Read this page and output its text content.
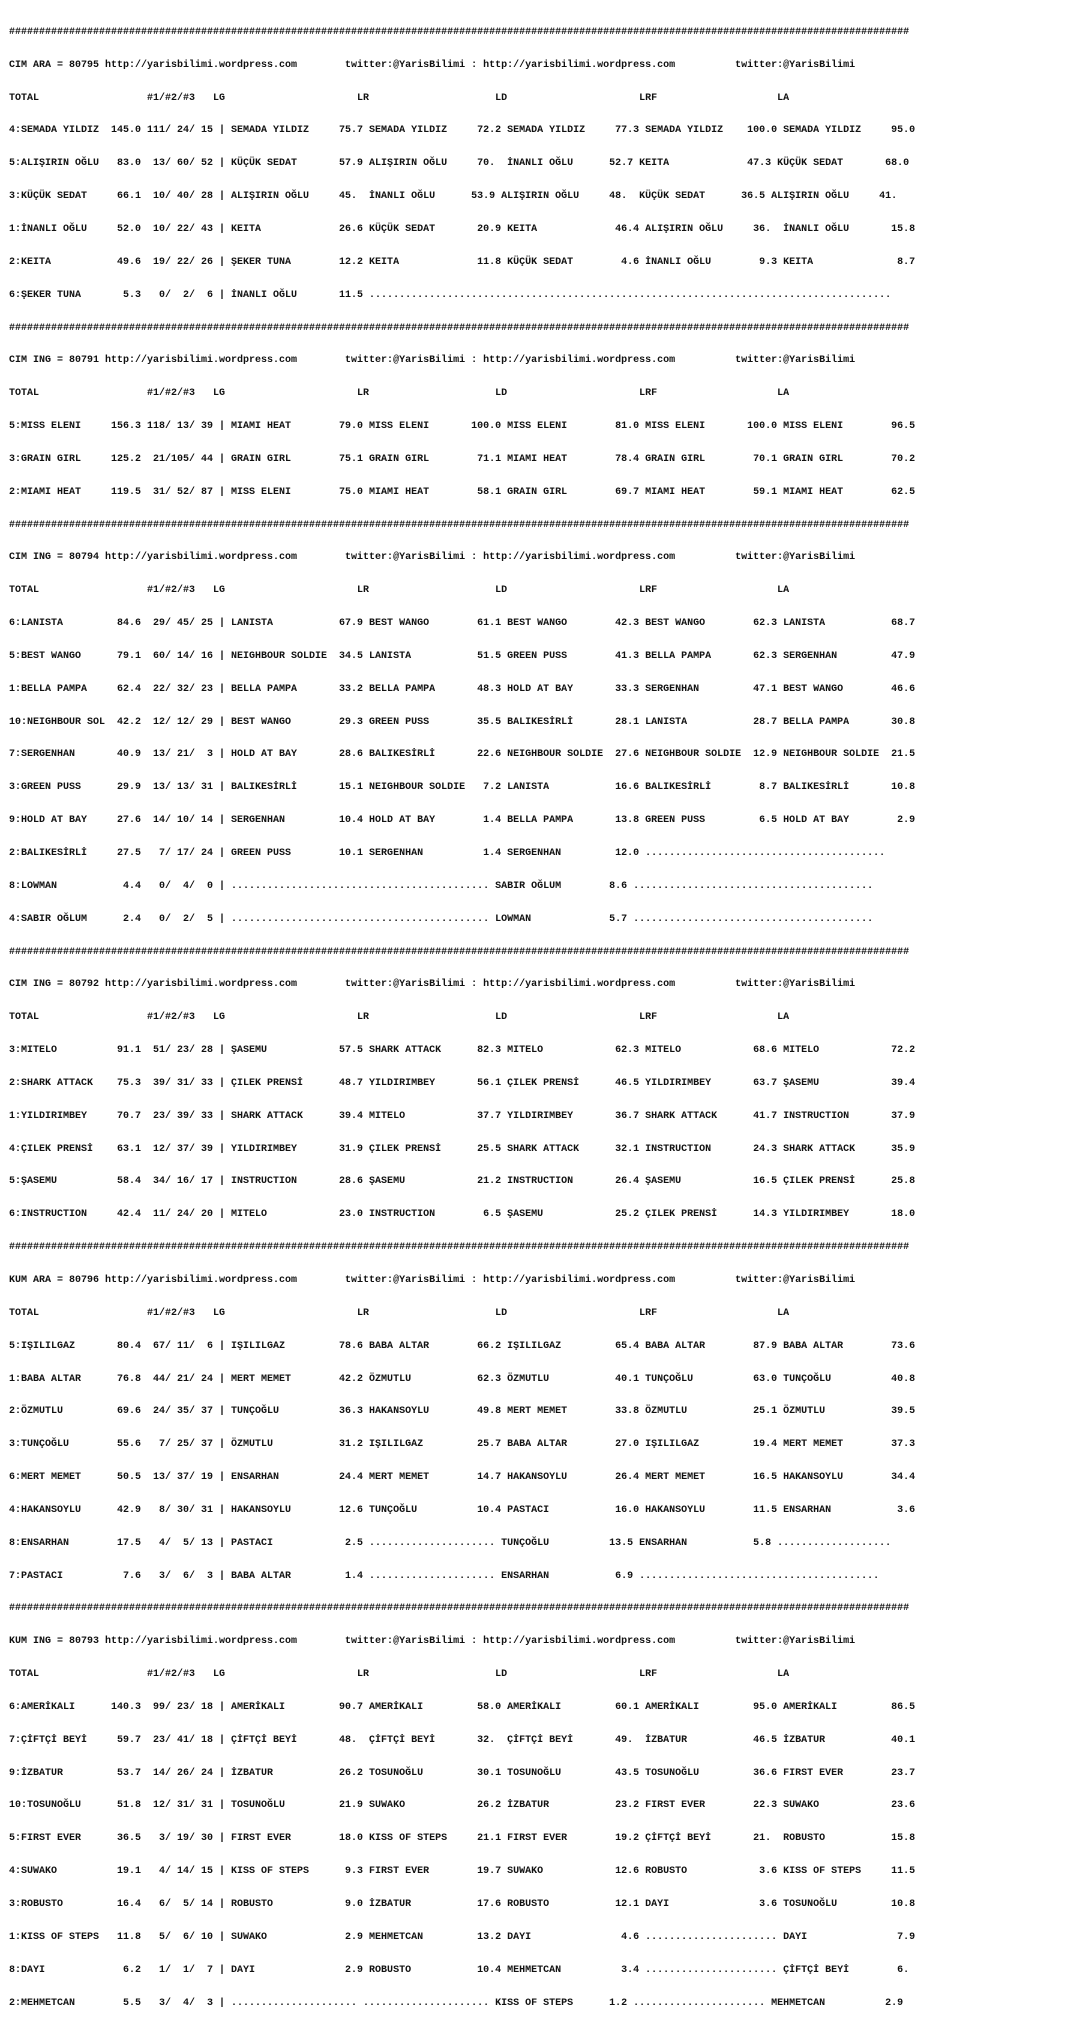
######################################################################################################################################################

CIM ARA = 80795 http://yarisbilimi.wordpress.com        twitter:@YarisBilimi : http://yarisbilimi.wordpress.com          twitter:@YarisBilimi

TOTAL                  #1/#2/#3   LG                      LR                     LD                      LRF                    LA

4:SEMADA YILDIZ  145.0 111/ 24/ 15 | SEMADA YILDIZ     75.7 SEMADA YILDIZ     72.2 SEMADA YILDIZ     77.3 SEMADA YILDIZ    100.0 SEMADA YILDIZ     95.0

5:ALIŞIRIN OĞLU   83.0  13/ 60/ 52 | KÜÇÜK SEDAT       57.9 ALIŞIRIN OĞLU     70.  İNANLI OĞLU      52.7 KEITA             47.3 KÜÇÜK SEDAT       68.0

3:KÜÇÜK SEDAT     66.1  10/ 40/ 28 | ALIŞIRIN OĞLU     45.  İNANLI OĞLU      53.9 ALIŞIRIN OĞLU     48.  KÜÇÜK SEDAT      36.5 ALIŞIRIN OĞLU     41.

1:İNANLI OĞLU     52.0  10/ 22/ 43 | KEITA             26.6 KÜÇÜK SEDAT       20.9 KEITA             46.4 ALIŞIRIN OĞLU     36.  İNANLI OĞLU       15.8

2:KEITA           49.6  19/ 22/ 26 | ŞEKER TUNA        12.2 KEITA             11.8 KÜÇÜK SEDAT        4.6 İNANLI OĞLU        9.3 KEITA              8.7

6:ŞEKER TUNA       5.3   0/  2/  6 | İNANLI OĞLU       11.5 .......................................................................................

######################################################################################################################################################

CIM ING = 80791 http://yarisbilimi.wordpress.com        twitter:@YarisBilimi : http://yarisbilimi.wordpress.com          twitter:@YarisBilimi

TOTAL                  #1/#2/#3   LG                      LR                     LD                      LRF                    LA

5:MISS ELENI     156.3 118/ 13/ 39 | MIAMI HEAT        79.0 MISS ELENI       100.0 MISS ELENI        81.0 MISS ELENI       100.0 MISS ELENI        96.5

3:GRAIN GIRL     125.2  21/105/ 44 | GRAIN GIRL        75.1 GRAIN GIRL        71.1 MIAMI HEAT        78.4 GRAIN GIRL        70.1 GRAIN GIRL        70.2

2:MIAMI HEAT     119.5  31/ 52/ 87 | MISS ELENI        75.0 MIAMI HEAT        58.1 GRAIN GIRL        69.7 MIAMI HEAT        59.1 MIAMI HEAT        62.5

######################################################################################################################################################

CIM ING = 80794 http://yarisbilimi.wordpress.com        twitter:@YarisBilimi : http://yarisbilimi.wordpress.com          twitter:@YarisBilimi

TOTAL                  #1/#2/#3   LG                      LR                     LD                      LRF                    LA

6:LANISTA         84.6  29/ 45/ 25 | LANISTA           67.9 BEST WANGO        61.1 BEST WANGO        42.3 BEST WANGO        62.3 LANISTA           68.7

5:BEST WANGO      79.1  60/ 14/ 16 | NEIGHBOUR SOLDIE  34.5 LANISTA           51.5 GREEN PUSS        41.3 BELLA PAMPA       62.3 SERGENHAN         47.9

1:BELLA PAMPA     62.4  22/ 32/ 23 | BELLA PAMPA       33.2 BELLA PAMPA       48.3 HOLD AT BAY       33.3 SERGENHAN         47.1 BEST WANGO        46.6

10:NEIGHBOUR SOL  42.2  12/ 12/ 29 | BEST WANGO        29.3 GREEN PUSS        35.5 BALIKESİRLİ       28.1 LANISTA           28.7 BELLA PAMPA       30.8

7:SERGENHAN       40.9  13/ 21/  3 | HOLD AT BAY       28.6 BALIKESİRLİ       22.6 NEIGHBOUR SOLDIE  27.6 NEIGHBOUR SOLDIE  12.9 NEIGHBOUR SOLDIE  21.5

3:GREEN PUSS      29.9  13/ 13/ 31 | BALIKESİRLİ       15.1 NEIGHBOUR SOLDIE   7.2 LANISTA           16.6 BALIKESİRLİ        8.7 BALIKESİRLİ       10.8

9:HOLD AT BAY     27.6  14/ 10/ 14 | SERGENHAN         10.4 HOLD AT BAY        1.4 BELLA PAMPA       13.8 GREEN PUSS         6.5 HOLD AT BAY        2.9

2:BALIKESİRLİ     27.5   7/ 17/ 24 | GREEN PUSS        10.1 SERGENHAN          1.4 SERGENHAN         12.0 ........................................

8:LOWMAN           4.4   0/  4/  0 | ........................................... SABIR OĞLUM        8.6 ........................................

4:SABIR OĞLUM      2.4   0/  2/  5 | ........................................... LOWMAN             5.7 ........................................

######################################################################################################################################################

CIM ING = 80792 http://yarisbilimi.wordpress.com        twitter:@YarisBilimi : http://yarisbilimi.wordpress.com          twitter:@YarisBilimi

TOTAL                  #1/#2/#3   LG                      LR                     LD                      LRF                    LA

3:MITELO          91.1  51/ 23/ 28 | ŞASEMU            57.5 SHARK ATTACK      82.3 MITELO            62.3 MITELO            68.6 MITELO            72.2

2:SHARK ATTACK    75.3  39/ 31/ 33 | ÇILEK PRENSİ      48.7 YILDIRIMBEY       56.1 ÇILEK PRENSİ      46.5 YILDIRIMBEY       63.7 ŞASEMU            39.4

1:YILDIRIMBEY     70.7  23/ 39/ 33 | SHARK ATTACK      39.4 MITELO            37.7 YILDIRIMBEY       36.7 SHARK ATTACK      41.7 INSTRUCTION       37.9

4:ÇILEK PRENSİ    63.1  12/ 37/ 39 | YILDIRIMBEY       31.9 ÇILEK PRENSİ      25.5 SHARK ATTACK      32.1 INSTRUCTION       24.3 SHARK ATTACK      35.9

5:ŞASEMU          58.4  34/ 16/ 17 | INSTRUCTION       28.6 ŞASEMU            21.2 INSTRUCTION       26.4 ŞASEMU            16.5 ÇILEK PRENSİ      25.8

6:INSTRUCTION     42.4  11/ 24/ 20 | MITELO            23.0 INSTRUCTION        6.5 ŞASEMU            25.2 ÇILEK PRENSİ      14.3 YILDIRIMBEY       18.0

######################################################################################################################################################

KUM ARA = 80796 http://yarisbilimi.wordpress.com        twitter:@YarisBilimi : http://yarisbilimi.wordpress.com          twitter:@YarisBilimi

TOTAL                  #1/#2/#3   LG                      LR                     LD                      LRF                    LA

5:IŞILILGAZ       80.4  67/ 11/  6 | IŞILILGAZ         78.6 BABA ALTAR        66.2 IŞILILGAZ         65.4 BABA ALTAR        87.9 BABA ALTAR        73.6

1:BABA ALTAR      76.8  44/ 21/ 24 | MERT MEMET        42.2 ÖZMUTLU           62.3 ÖZMUTLU           40.1 TUNÇOĞLU          63.0 TUNÇOĞLU          40.8

2:ÖZMUTLU         69.6  24/ 35/ 37 | TUNÇOĞLU          36.3 HAKANSOYLU        49.8 MERT MEMET        33.8 ÖZMUTLU           25.1 ÖZMUTLU           39.5

3:TUNÇOĞLU        55.6   7/ 25/ 37 | ÖZMUTLU           31.2 IŞILILGAZ         25.7 BABA ALTAR        27.0 IŞILILGAZ         19.4 MERT MEMET        37.3

6:MERT MEMET      50.5  13/ 37/ 19 | ENSARHAN          24.4 MERT MEMET        14.7 HAKANSOYLU        26.4 MERT MEMET        16.5 HAKANSOYLU        34.4

4:HAKANSOYLU      42.9   8/ 30/ 31 | HAKANSOYLU        12.6 TUNÇOĞLU          10.4 PASTACI           16.0 HAKANSOYLU        11.5 ENSARHAN           3.6

8:ENSARHAN        17.5   4/  5/ 13 | PASTACI            2.5 ..................... TUNÇOĞLU          13.5 ENSARHAN           5.8 ...................

7:PASTACI          7.6   3/  6/  3 | BABA ALTAR         1.4 ..................... ENSARHAN           6.9 ........................................

######################################################################################################################################################

KUM ING = 80793 http://yarisbilimi.wordpress.com        twitter:@YarisBilimi : http://yarisbilimi.wordpress.com          twitter:@YarisBilimi

TOTAL                  #1/#2/#3   LG                      LR                     LD                      LRF                    LA

6:AMERİKALI      140.3  99/ 23/ 18 | AMERİKALI         90.7 AMERİKALI         58.0 AMERİKALI         60.1 AMERİKALI         95.0 AMERİKALI         86.5

7:ÇİFTÇİ BEYİ     59.7  23/ 41/ 18 | ÇİFTÇİ BEYİ       48.  ÇİFTÇİ BEYİ       32.  ÇİFTÇİ BEYİ       49.  İZBATUR           46.5 İZBATUR           40.1

9:İZBATUR         53.7  14/ 26/ 24 | İZBATUR           26.2 TOSUNOĞLU         30.1 TOSUNOĞLU         43.5 TOSUNOĞLU         36.6 FIRST EVER        23.7

10:TOSUNOĞLU      51.8  12/ 31/ 31 | TOSUNOĞLU         21.9 SUWAKO            26.2 İZBATUR           23.2 FIRST EVER        22.3 SUWAKO            23.6

5:FIRST EVER      36.5   3/ 19/ 30 | FIRST EVER        18.0 KISS OF STEPS     21.1 FIRST EVER        19.2 ÇİFTÇİ BEYİ       21.  ROBUSTO           15.8

4:SUWAKO          19.1   4/ 14/ 15 | KISS OF STEPS      9.3 FIRST EVER        19.7 SUWAKO            12.6 ROBUSTO            3.6 KISS OF STEPS     11.5

3:ROBUSTO         16.4   6/  5/ 14 | ROBUSTO            9.0 İZBATUR           17.6 ROBUSTO           12.1 DAYI               3.6 TOSUNOĞLU         10.8

1:KISS OF STEPS   11.8   5/  6/ 10 | SUWAKO             2.9 MEHMETCAN         13.2 DAYI               4.6 ...................... DAYI               7.9

8:DAYI             6.2   1/  1/  7 | DAYI               2.9 ROBUSTO           10.4 MEHMETCAN          3.4 ...................... ÇİFTÇİ BEYİ        6.

2:MEHMETCAN        5.5   3/  4/  3 | ..................... ..................... KISS OF STEPS      1.2 ...................... MEHMETCAN          2.9
